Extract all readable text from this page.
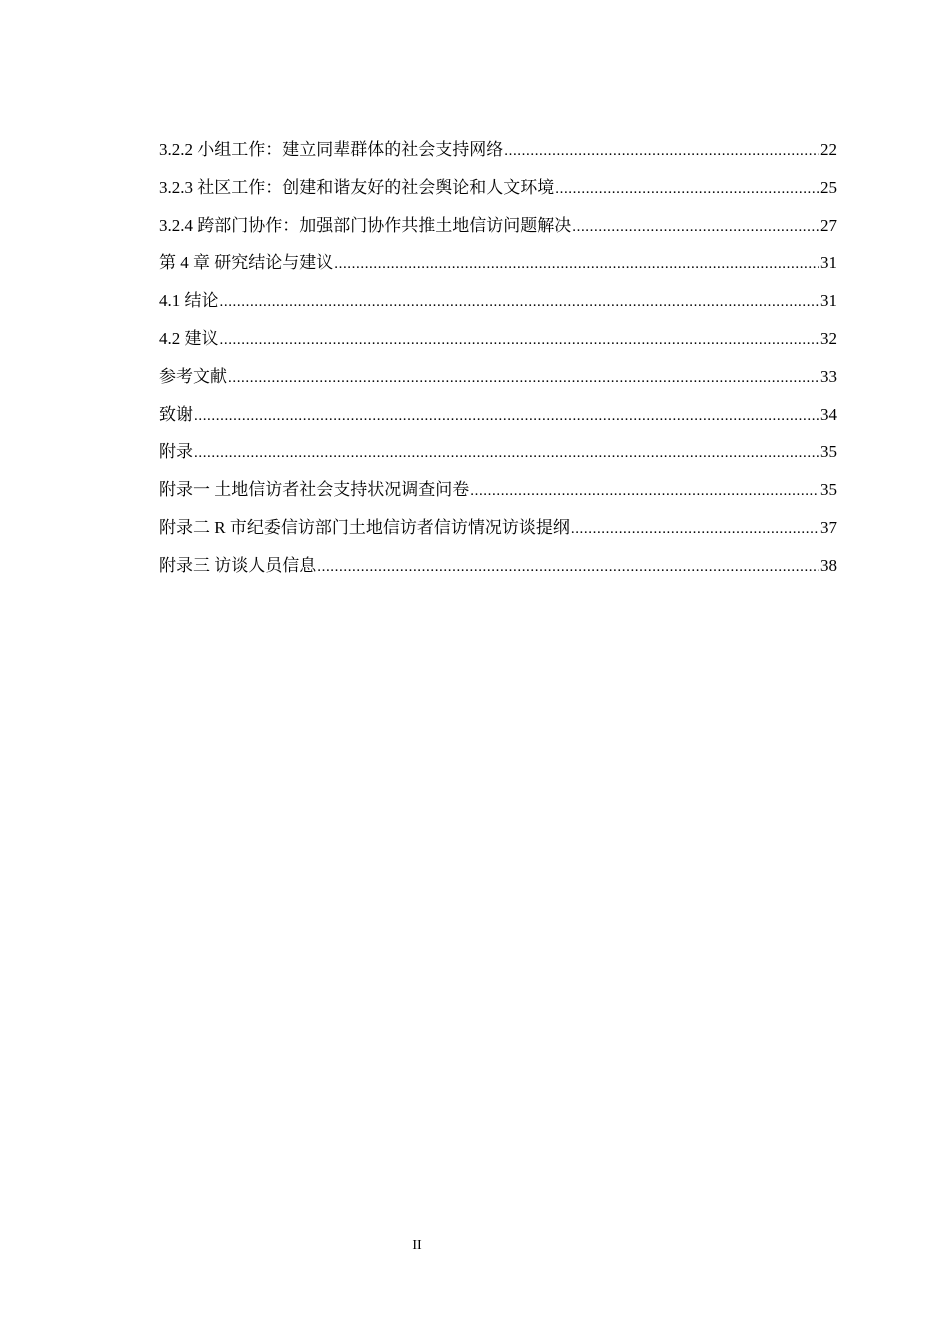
3.2.2 小组工作：建立同辈群体的社会支持网络 .....	22
3.2.3 社区工作：创建和谐友好的社会舆论和人文环境 .....	25
3.2.4 跨部门协作：加强部门协作共推土地信访问题解决 .....	27
第 4 章 研究结论与建议 .....	31
4.1 结论 .....	31
4.2 建议 .....	32
参考文献 .....	33
致谢 .....	34
附录 .....	35
附录一 土地信访者社会支持状况调查问卷 .....	35
附录二 R 市纪委信访部门土地信访者信访情况访谈提纲 .....	37
附录三 访谈人员信息 .....	38
II
